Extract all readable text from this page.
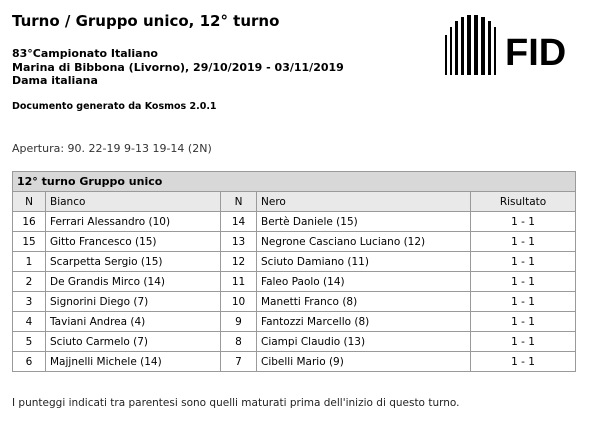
Turno / Gruppo unico, 12° turno
83°Campionato Italiano
Marina di Bibbona (Livorno), 29/10/2019 - 03/11/2019
Dama italiana
Documento generato da Kosmos 2.0.1
FID
Apertura: 90. 22-19 9-13 19-14 (2N)
12° turno Gruppo unico				
N	Bianco	N	Nero	Risultato
16	Ferrari Alessandro (10)	14	Bertè Daniele (15)	1 - 1
15	Gitto Francesco (15)	13	Negrone Casciano Luciano (12)	1 - 1
1	Scarpetta Sergio (15)	12	Sciuto Damiano (11)	1 - 1
2	De Grandis Mirco (14)	11	Faleo Paolo (14)	1 - 1
3	Signorini Diego (7)	10	Manetti Franco (8)	1 - 1
4	Taviani Andrea (4)	9	Fantozzi Marcello (8)	1 - 1
5	Sciuto Carmelo (7)	8	Ciampi Claudio (13)	1 - 1
6	Majjnelli Michele (14)	7	Cibelli Mario (9)	1 - 1
I punteggi indicati tra parentesi sono quelli maturati prima dell'inizio di questo turno.
